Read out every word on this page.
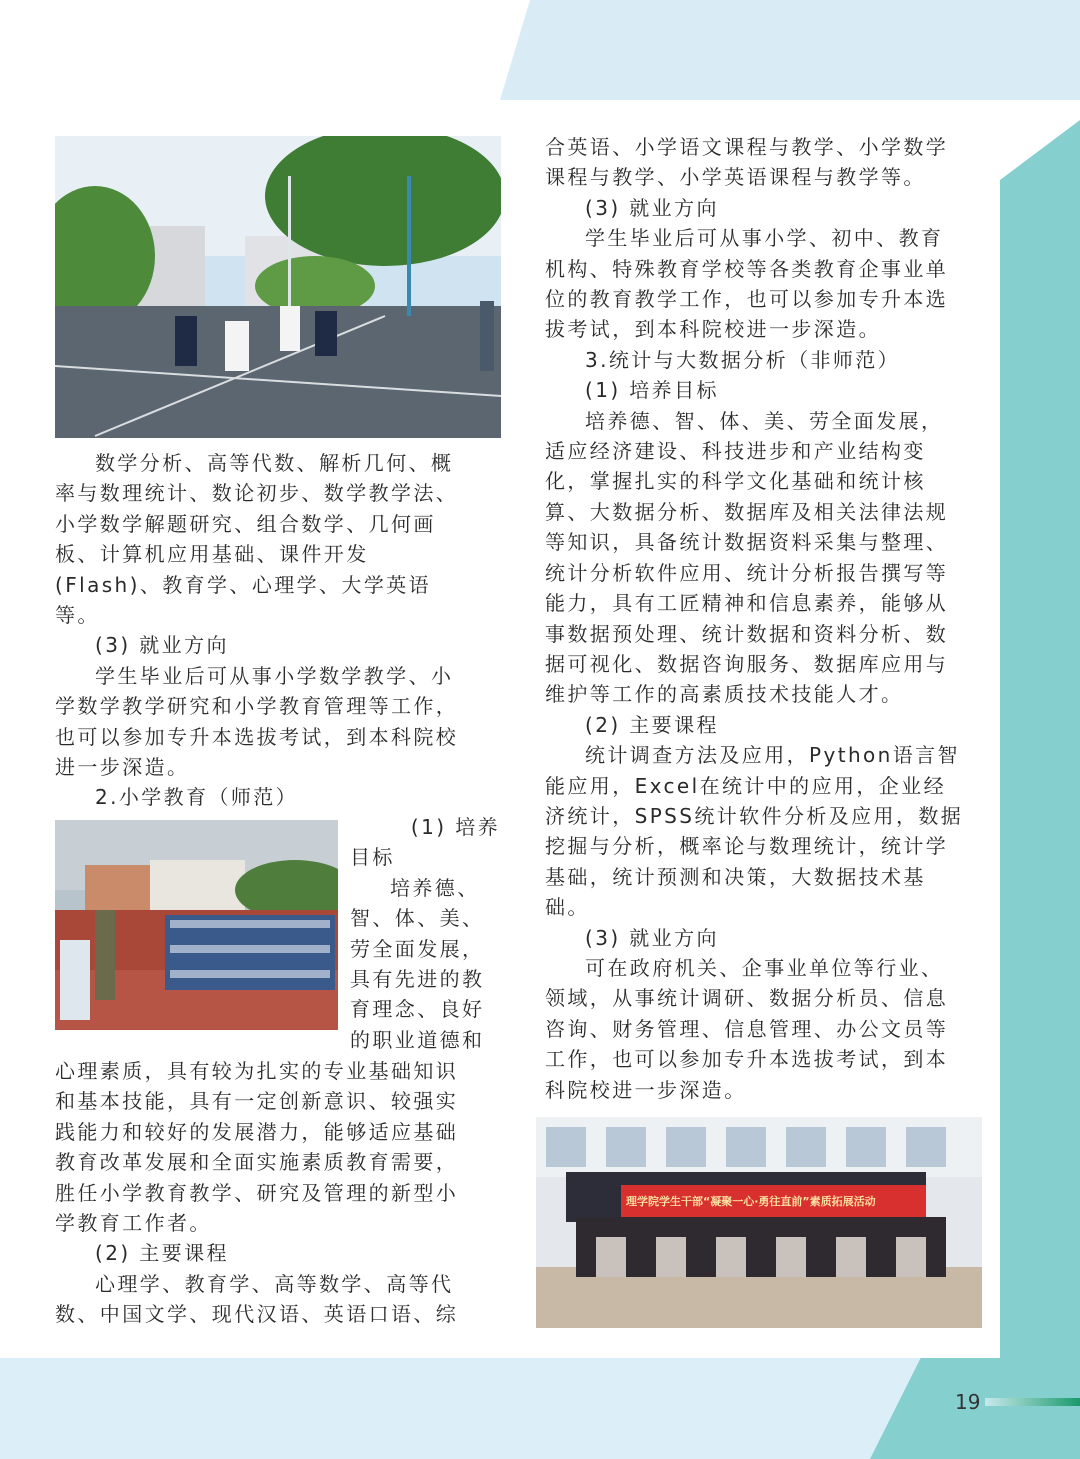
数学分析、高等代数、解析几何、概

率与数理统计、数论初步、数学教学法、

小学数学解题研究、组合数学、几何画

板、计算机应用基础、课件开发

(Flash)、教育学、心理学、大学英语

等。

(3) 就业方向

学生毕业后可从事小学数学教学、小

学数学教学研究和小学教育管理等工作，

也可以参加专升本选拔考试，到本科院校

进一步深造。

2.小学教育（师范）

(1) 培养

目标

培养德、

智、体、美、

劳全面发展，

具有先进的教

育理念、良好

的职业道德和

心理素质，具有较为扎实的专业基础知识

和基本技能，具有一定创新意识、较强实

践能力和较好的发展潜力，能够适应基础

教育改革发展和全面实施素质教育需要，

胜任小学教育教学、研究及管理的新型小

学教育工作者。

(2) 主要课程

心理学、教育学、高等数学、高等代

数、中国文学、现代汉语、英语口语、综

合英语、小学语文课程与教学、小学数学

课程与教学、小学英语课程与教学等。

(3) 就业方向

学生毕业后可从事小学、初中、教育

机构、特殊教育学校等各类教育企事业单

位的教育教学工作，也可以参加专升本选

拔考试，到本科院校进一步深造。

3.统计与大数据分析（非师范）

(1) 培养目标

培养德、智、体、美、劳全面发展，

适应经济建设、科技进步和产业结构变

化，掌握扎实的科学文化基础和统计核

算、大数据分析、数据库及相关法律法规

等知识，具备统计数据资料采集与整理、

统计分析软件应用、统计分析报告撰写等

能力，具有工匠精神和信息素养，能够从

事数据预处理、统计数据和资料分析、数

据可视化、数据咨询服务、数据库应用与

维护等工作的高素质技术技能人才。

(2) 主要课程

统计调查方法及应用，Python语言智

能应用，Excel在统计中的应用，企业经

济统计，SPSS统计软件分析及应用，数据

挖掘与分析，概率论与数理统计，统计学

基础，统计预测和决策，大数据技术基

础。

(3) 就业方向

可在政府机关、企事业单位等行业、

领域，从事统计调研、数据分析员、信息

咨询、财务管理、信息管理、办公文员等

工作，也可以参加专升本选拔考试，到本

科院校进一步深造。

理学院学生干部“凝聚一心·勇往直前”素质拓展活动
19
